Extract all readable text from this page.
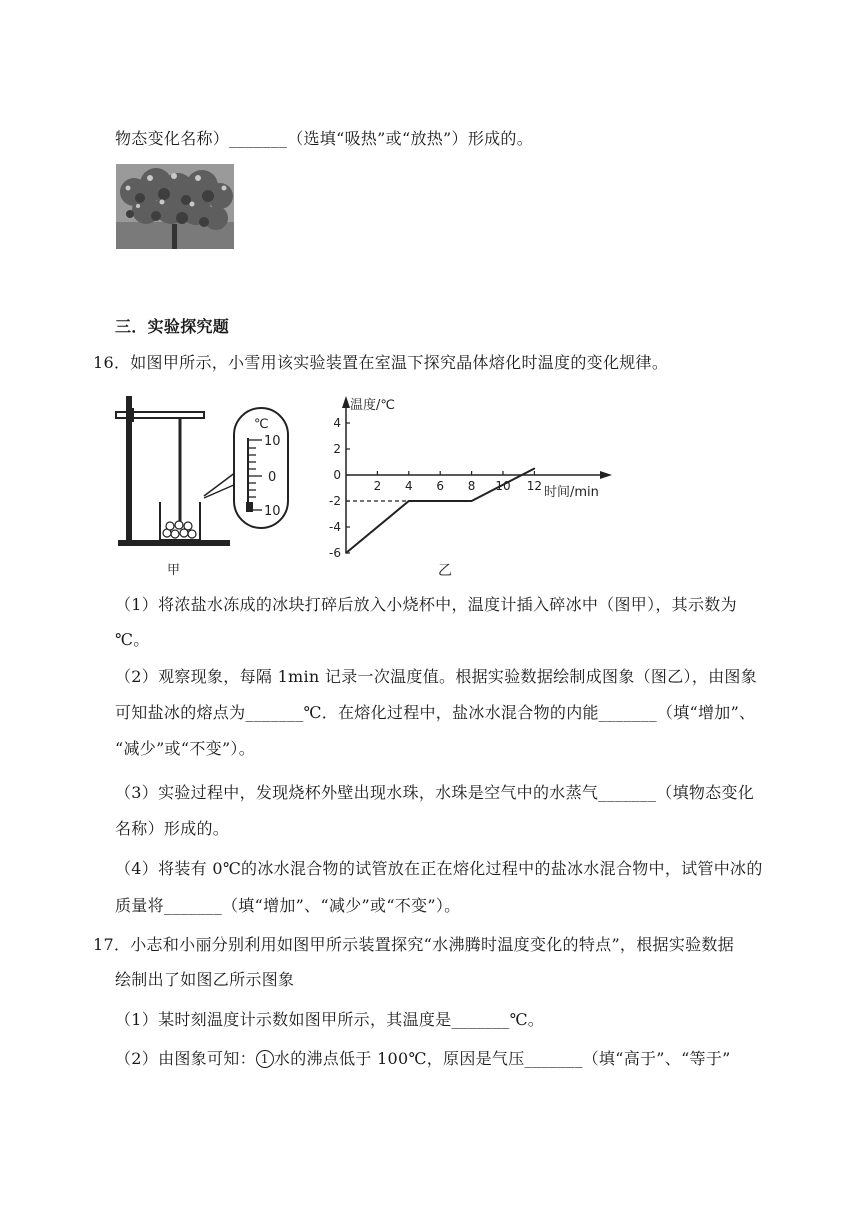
物态变化名称）_______（选填“吸热”或“放热”）形成的。
三．实验探究题
16．如图甲所示，小雪用该实验装置在室温下探究晶体熔化时温度的变化规律。
℃
10
0
10
甲
温度/℃
时间/min
乙
2 4 6 8 10 12
4
2
0
-2
-4
-6
（1）将浓盐水冻成的冰块打碎后放入小烧杯中，温度计插入碎冰中（图甲），其示数为
℃。
（2）观察现象，每隔 1min 记录一次温度值。根据实验数据绘制成图象（图乙），由图象
可知盐冰的熔点为_______℃．在熔化过程中，盐冰水混合物的内能_______（填“增加”、
“减少”或“不变”）。
（3）实验过程中，发现烧杯外壁出现水珠，水珠是空气中的水蒸气_______（填物态变化
名称）形成的。
（4）将装有 0℃的冰水混合物的试管放在正在熔化过程中的盐冰水混合物中，试管中冰的
质量将_______（填“增加”、“减少”或“不变”）。
17．小志和小丽分别利用如图甲所示装置探究“水沸腾时温度变化的特点”，根据实验数据
绘制出了如图乙所示图象
（1）某时刻温度计示数如图甲所示，其温度是_______℃。
（2）由图象可知： 1 水的沸点低于 100℃，原因是气压_______（填“高于”、“等于”
